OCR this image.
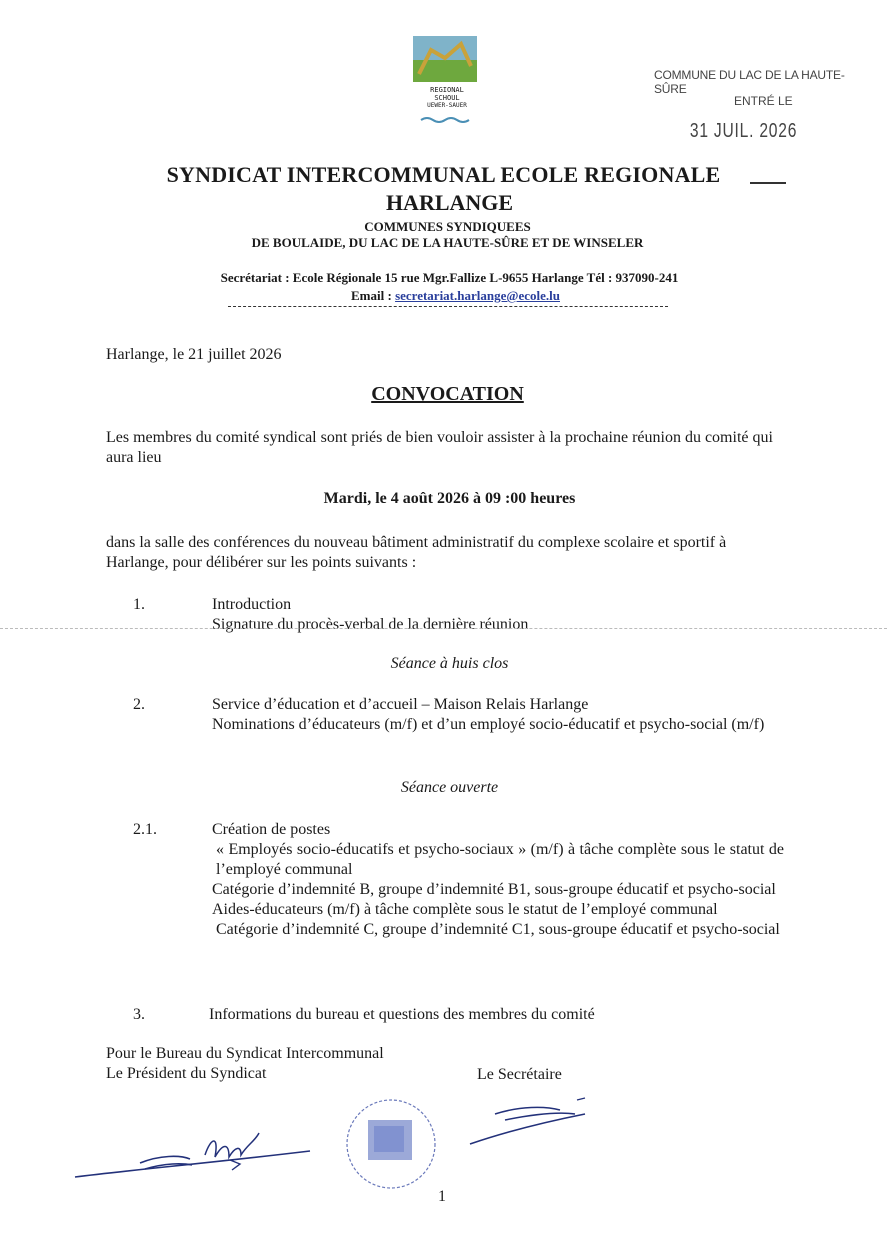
REGIONAL
SCHOUL
UEWER-SAUER
COMMUNE DU LAC DE LA HAUTE-SÛRE
ENTRÉ LE
31 JUIL. 2026
SYNDICAT INTERCOMMUNAL ECOLE REGIONALE
HARLANGE
COMMUNES SYNDIQUEES
DE BOULAIDE, DU LAC DE LA HAUTE-SÛRE ET DE WINSELER
Secrétariat : Ecole Régionale 15 rue Mgr.Fallize L-9655 Harlange Tél : 937090-241
Email : secretariat.harlange@ecole.lu
Harlange, le 21 juillet 2026
CONVOCATION
Les membres du comité syndical sont priés de bien vouloir assister à la prochaine réunion du comité qui aura lieu
Mardi, le 4 août 2026 à 09 :00 heures
dans la salle des conférences du nouveau bâtiment administratif du complexe scolaire et sportif à Harlange, pour délibérer sur les points suivants :
1.	Introduction
Signature du procès-verbal de la dernière réunion
Séance à huis clos
2.	Service d’éducation et d’accueil – Maison Relais Harlange
Nominations d’éducateurs (m/f) et d’un employé socio-éducatif et psycho-social (m/f)
Séance ouverte
2.1.	Création de postes
« Employés socio-éducatifs et psycho-sociaux » (m/f) à tâche complète sous le statut de l’employé communal
Catégorie d’indemnité B, groupe d’indemnité B1, sous-groupe éducatif et psycho-social
Aides-éducateurs (m/f) à tâche complète sous le statut de l’employé communal
Catégorie d’indemnité C, groupe d’indemnité C1, sous-groupe éducatif et psycho-social
3.	Informations du bureau et questions des membres du comité
Pour le Bureau du Syndicat Intercommunal
Le Président du Syndicat	Le Secrétaire
1
